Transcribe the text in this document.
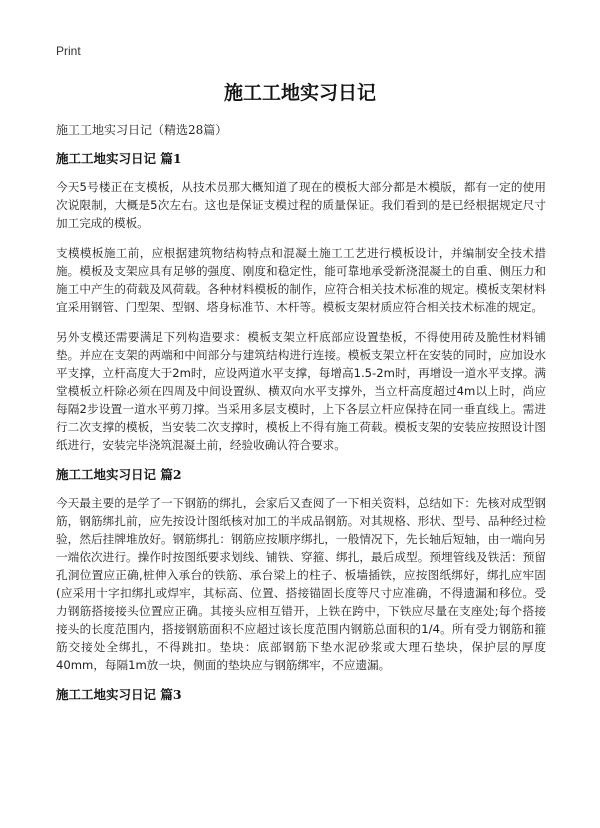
Print
施工工地实习日记

施工工地实习日记（精选28篇）

施工工地实习日记 篇1

今天5号楼正在支模板，从技术员那大概知道了现在的模板大部分都是木模版，都有一定的使用次说限制，大概是5次左右。这也是保证支模过程的质量保证。我们看到的是已经根据规定尺寸加工完成的模板。

支模模板施工前，应根据建筑物结构特点和混凝土施工工艺进行模板设计，并编制安全技术措施。模板及支架应具有足够的强度、刚度和稳定性，能可靠地承受新浇混凝土的自重、侧压力和施工中产生的荷载及风荷载。各种材料模板的制作，应符合相关技术标准的规定。模板支架材料宜采用钢管、门型架、型钢、塔身标准节、木杆等。模板支架材质应符合相关技术标准的规定。

另外支模还需要满足下列构造要求：模板支架立杆底部应设置垫板，不得使用砖及脆性材料铺垫。并应在支架的两端和中间部分与建筑结构进行连接。模板支架立杆在安装的同时，应加设水平支撑，立杆高度大于2m时，应设两道水平支撑，每增高1.5-2m时，再增设一道水平支撑。满堂模板立杆除必须在四周及中间设置纵、横双向水平支撑外，当立杆高度超过4m以上时，尚应每隔2步设置一道水平剪刀撑。当采用多层支模时，上下各层立杆应保持在同一垂直线上。需进行二次支撑的模板，当安装二次支撑时，模板上不得有施工荷载。模板支架的安装应按照设计图纸进行，安装完毕浇筑混凝土前，经验收确认符合要求。

施工工地实习日记 篇2

今天最主要的是学了一下钢筋的绑扎，会家后又查阅了一下相关资料，总结如下：先核对成型钢筋，钢筋绑扎前，应先按设计图纸核对加工的半成品钢筋。对其规格、形状、型号、品种经过检验，然后挂牌堆放好。钢筋绑扎：钢筋应按顺序绑扎，一般情况下，先长轴后短轴，由一端向另一端依次进行。操作时按图纸要求划线、铺铁、穿箍、绑扎，最后成型。预埋管线及铁活：预留孔洞位置应正确,桩伸入承台的铁筋、承台梁上的柱子、板墙插铁，应按图纸绑好，绑扎应牢固(应采用十字扣绑扎或焊牢，其标高、位置、搭接锚固长度等尺寸应准确，不得遗漏和移位。受力钢筋搭接接头位置应正确。其接头应相互错开，上铁在跨中，下铁应尽量在支座处;每个搭接接头的长度范围内，搭接钢筋面积不应超过该长度范围内钢筋总面积的1/4。所有受力钢筋和箍筋交接处全绑扎，不得跳扣。垫块：底部钢筋下垫水泥砂浆或大理石垫块，保护层的厚度40mm，每隔1m放一块，侧面的垫块应与钢筋绑牢，不应遗漏。

施工工地实习日记 篇3
